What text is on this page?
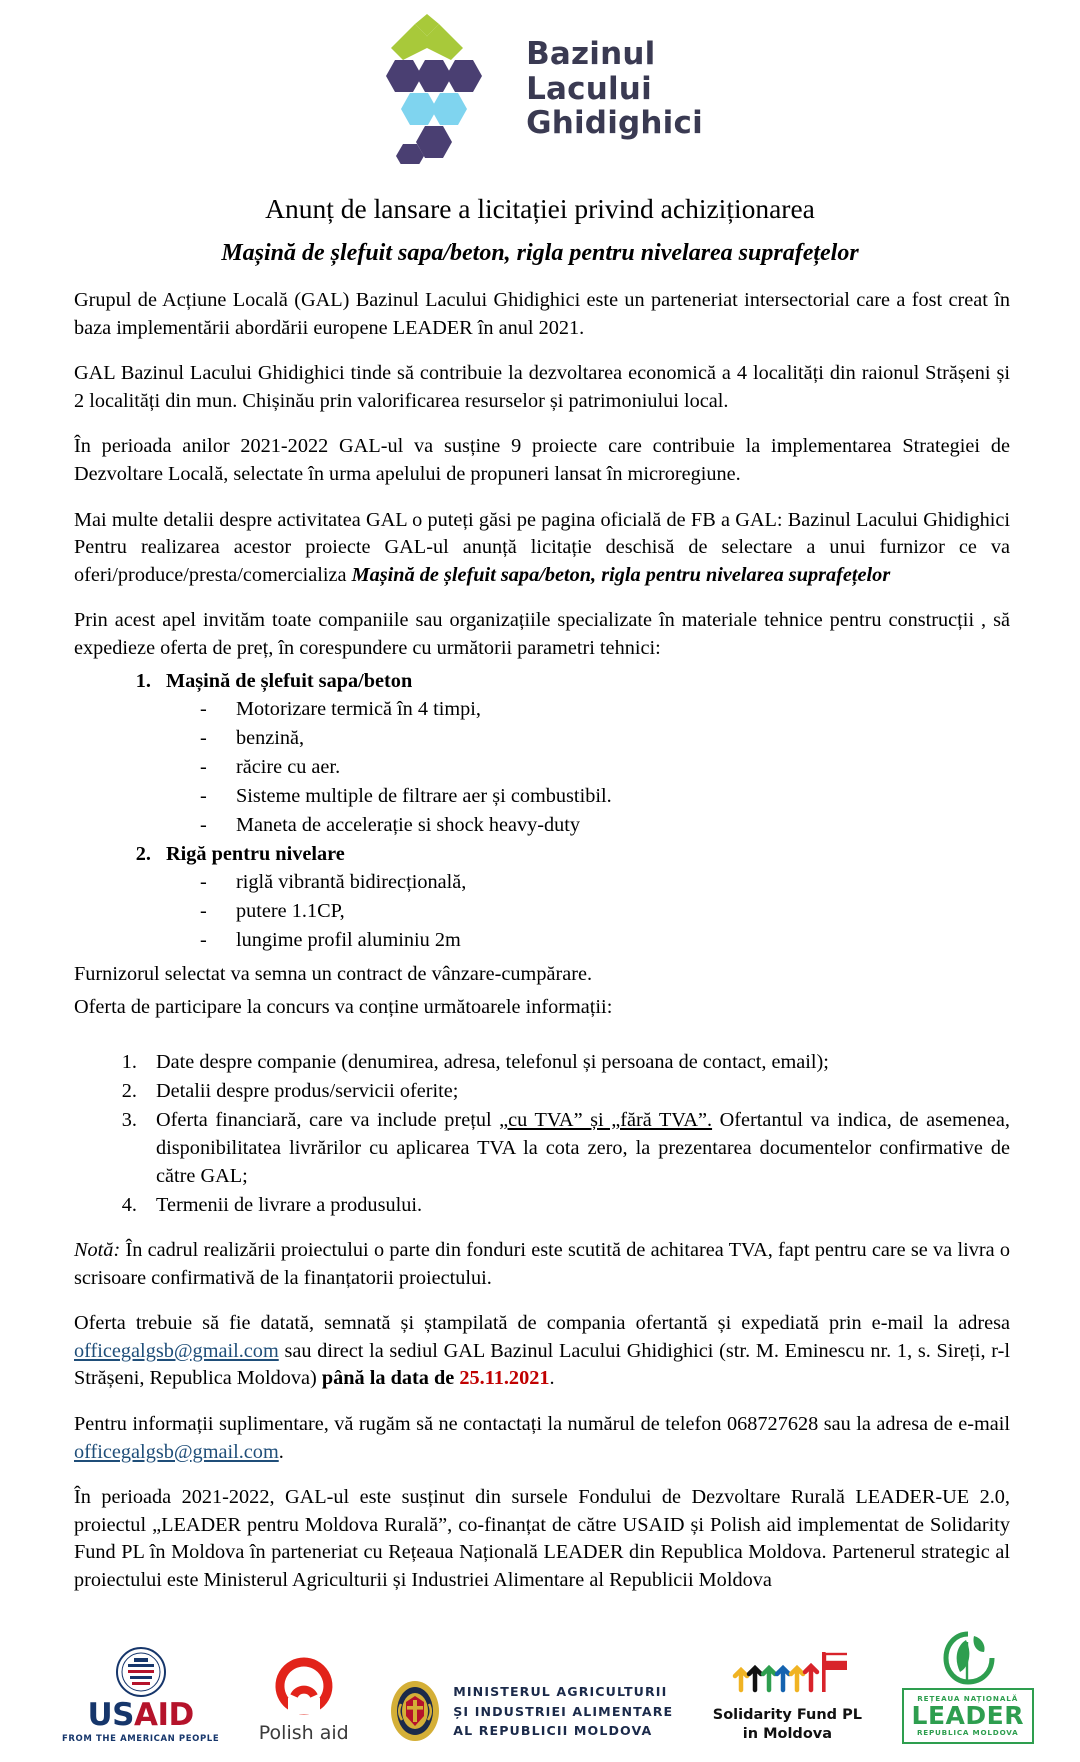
Bazinul
Lacului
Ghidighici
Anunț de lansare a licitației privind achiziționarea
Mașină de șlefuit sapa/beton, rigla pentru nivelarea suprafețelor

Grupul de Acțiune Locală (GAL) Bazinul Lacului Ghidighici este un parteneriat intersectorial care a fost creat în baza implementării abordării europene LEADER în anul 2021.

GAL Bazinul Lacului Ghidighici tinde să contribuie la dezvoltarea economică a 4 localități din raionul Strășeni și 2 localități din mun. Chișinău prin valorificarea resurselor și patrimoniului local.

În perioada anilor 2021-2022 GAL-ul va susține 9 proiecte care contribuie la implementarea Strategiei de Dezvoltare Locală, selectate în urma apelului de propuneri lansat în microregiune.

Mai multe detalii despre activitatea GAL o puteți găsi pe pagina oficială de FB a GAL: Bazinul Lacului Ghidighici Pentru realizarea acestor proiecte GAL-ul anunță licitație deschisă de selectare a unui furnizor ce va oferi/produce/presta/comercializa Mașină de șlefuit sapa/beton, rigla pentru nivelarea suprafețelor

Prin acest apel invităm toate companiile sau organizațiile specializate în materiale tehnice pentru construcții , să expedieze oferta de preț, în corespundere cu următorii parametri tehnici:

1. Mașină de șlefuit sapa/beton
- Motorizare termică în 4 timpi,
- benzină,
- răcire cu aer.
- Sisteme multiple de filtrare aer și combustibil.
- Maneta de accelerație si shock heavy-duty
2. Rigă pentru nivelare
- riglă vibrantă bidirecțională,
- putere 1.1CP,
- lungime profil aluminiu 2m

Furnizorul selectat va semna un contract de vânzare-cumpărare.

Oferta de participare la concurs va conține următoarele informații:

1. Date despre companie (denumirea, adresa, telefonul și persoana de contact, email);
2. Detalii despre produs/servicii oferite;
3. Oferta financiară, care va include prețul „cu TVA” și „fără TVA”. Ofertantul va indica, de asemenea, disponibilitatea livrărilor cu aplicarea TVA la cota zero, la prezentarea documentelor confirmative de către GAL;
4. Termenii de livrare a produsului.

Notă: În cadrul realizării proiectului o parte din fonduri este scutită de achitarea TVA, fapt pentru care se va livra o scrisoare confirmativă de la finanțatorii proiectului.

Oferta trebuie să fie datată, semnată și ștampilată de compania ofertantă și expediată prin e-mail la adresa officegalgsb@gmail.com sau direct la sediul GAL Bazinul Lacului Ghidighici (str. M. Eminescu nr. 1, s. Sireți, r-l Strășeni, Republica Moldova) până la data de 25.11.2021.

Pentru informații suplimentare, vă rugăm să ne contactați la numărul de telefon 068727628 sau la adresa de e-mail officegalgsb@gmail.com.

În perioada 2021-2022, GAL-ul este susținut din sursele Fondului de Dezvoltare Rurală LEADER-UE 2.0, proiectul „LEADER pentru Moldova Rurală”, co-finanțat de către USAID și Polish aid implementat de Solidarity Fund PL în Moldova în parteneriat cu Rețeaua Națională LEADER din Republica Moldova. Partenerul strategic al proiectului este Ministerul Agriculturii și Industriei Alimentare al Republicii Moldova

USAID
FROM THE AMERICAN PEOPLE Polish aid
MINISTERUL AGRICULTURII
ȘI INDUSTRIEI ALIMENTARE
AL REPUBLICII MOLDOVA
Solidarity Fund PL
in Moldova
REȚEAUA NAȚIONALĂ
LEADER
REPUBLICA MOLDOVA
